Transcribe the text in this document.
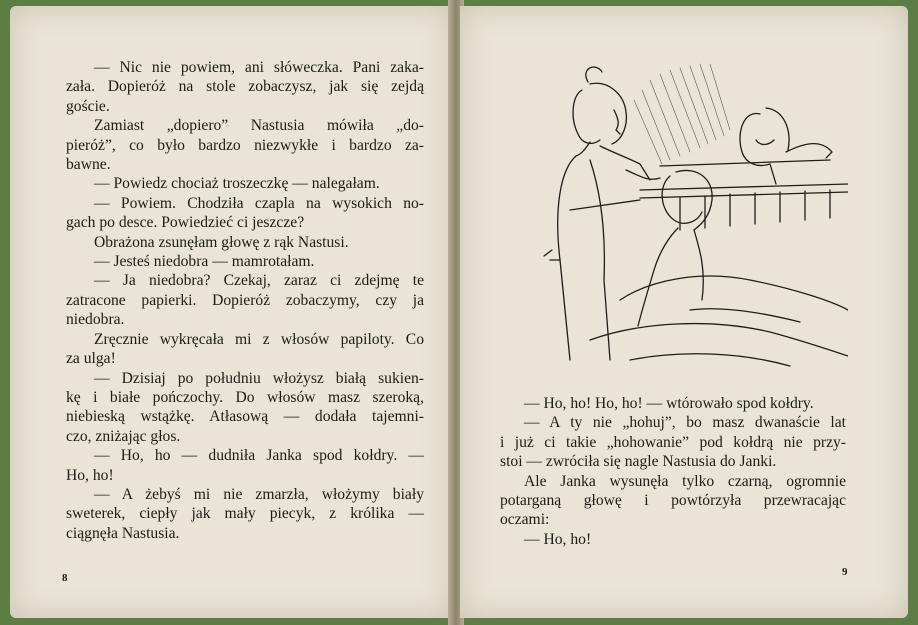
— Nic nie powiem, ani słóweczka. Pani zaka-
zała. Dopieróż na stole zobaczysz, jak się zejdą
goście.
Zamiast „dopiero” Nastusia mówiła „do-
pieróż”, co było bardzo niezwykłe i bardzo za-
bawne.
— Powiedz chociaż troszeczkę — nalegałam.
— Powiem. Chodziła czapla na wysokich no-
gach po desce. Powiedzieć ci jeszcze?
Obrażona zsunęłam głowę z rąk Nastusi.
— Jesteś niedobra — mamrotałam.
— Ja niedobra? Czekaj, zaraz ci zdejmę te
zatracone papierki. Dopieróż zobaczymy, czy ja
niedobra.
Zręcznie wykręcała mi z włosów papiloty. Co
za ulga!
— Dzisiaj po południu włożysz białą sukien-
kę i białe pończochy. Do włosów masz szeroką,
niebieską wstążkę. Atłasową — dodała tajemni-
czo, zniżając głos.
— Ho, ho — dudniła Janka spod kołdry. —
Ho, ho!
— A żebyś mi nie zmarzła, włożymy biały
sweterek, ciepły jak mały piecyk, z królika —
ciągnęła Nastusia.
8
— Ho, ho! Ho, ho! — wtórowało spod kołdry.
— A ty nie „hohuj”, bo masz dwanaście lat
i już ci takie „hohowanie” pod kołdrą nie przy-
stoi — zwróciła się nagle Nastusia do Janki.
Ale Janka wysunęła tylko czarną, ogromnie
potarganą głowę i powtórzyła przewracając
oczami:
— Ho, ho!
9
